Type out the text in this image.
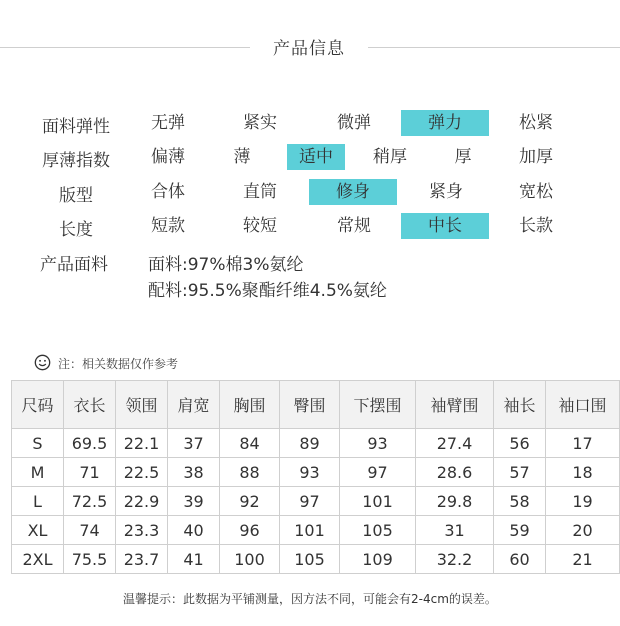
产品信息
面料弹性 无弹	紧实	微弹	弹力	松紧
厚薄指数 偏薄	薄	适中	稍厚	厚	加厚
版型	合体	直筒	修身	紧身	宽松
长度	短款	较短	常规	中长	长款
产品面料 面料:97%棉3%氨纶
配料:95.5%聚酯纤维4.5%氨纶
注：相关数据仅作参考
尺码	衣长	领围	肩宽	胸围	臀围	下摆围	袖臂围	袖长	袖口围
S	69.5	22.1	37	84	89	93	27.4	56	17
M	71	22.5	38	88	93	97	28.6	57	18
L	72.5	22.9	39	92	97	101	29.8	58	19
XL	74	23.3	40	96	101	105	31	59	20
2XL	75.5	23.7	41	100	105	109	32.2	60	21
温馨提示：此数据为平铺测量，因方法不同，可能会有2-4cm的误差。
